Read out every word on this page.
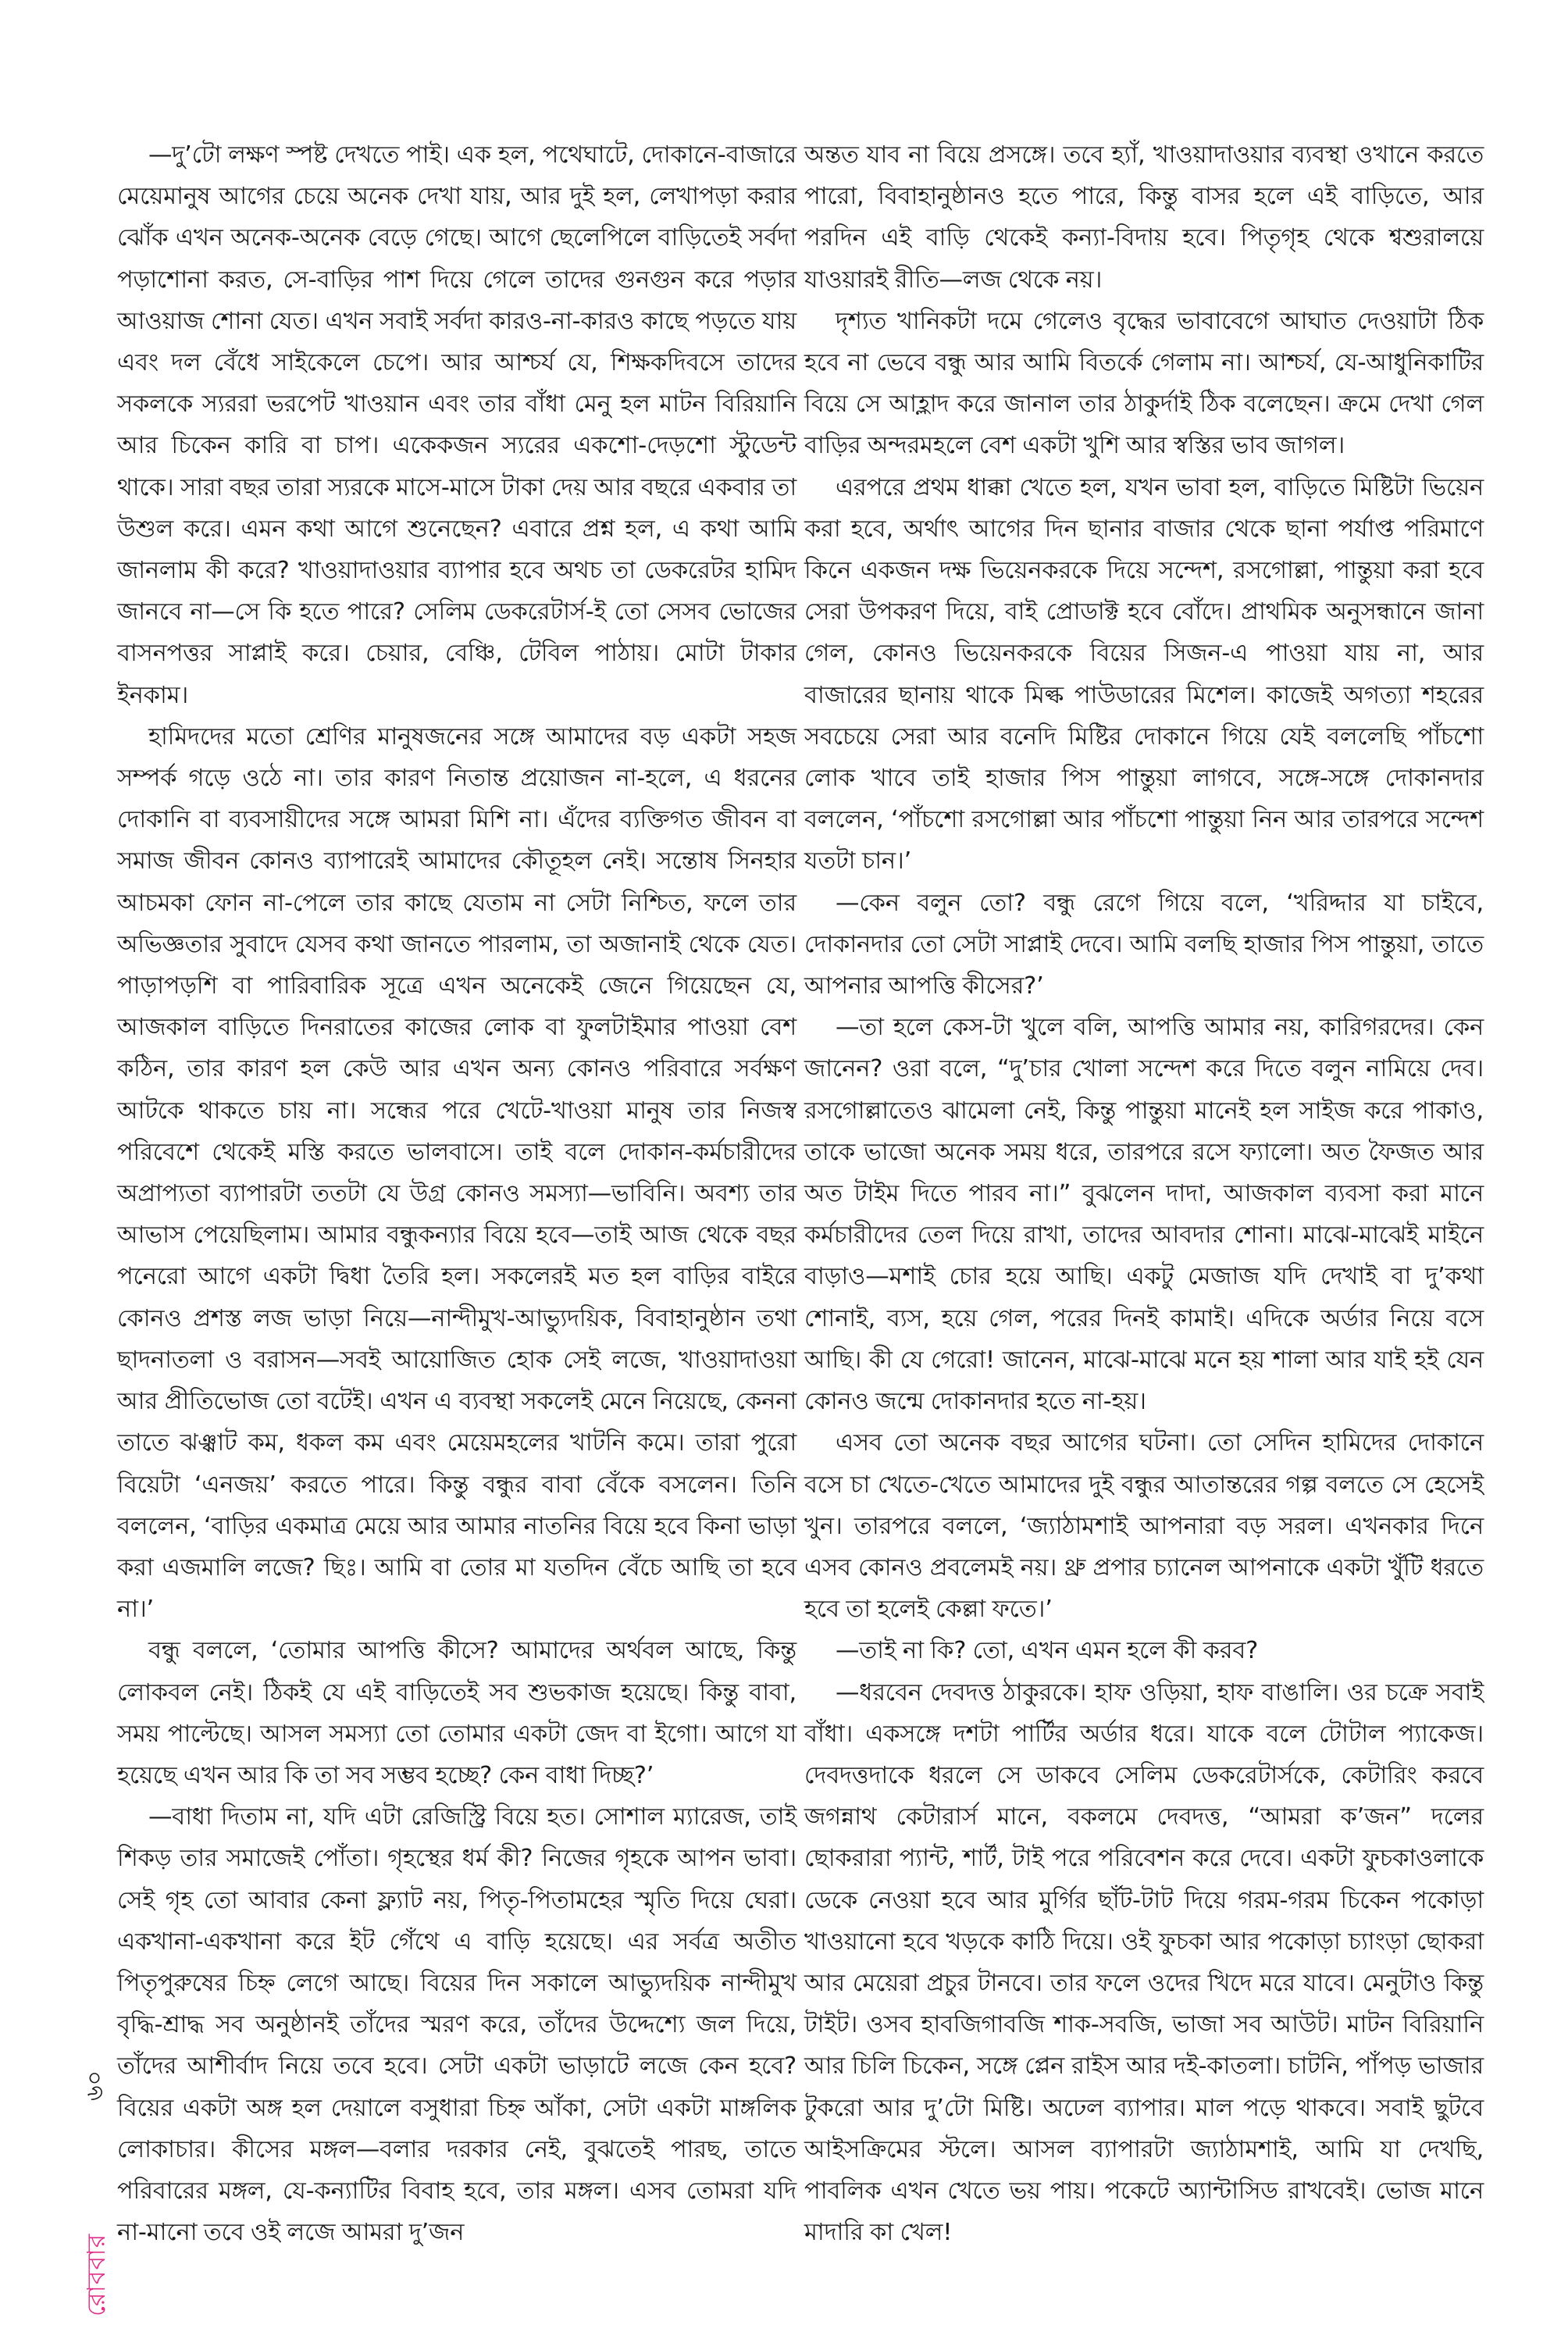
—দু’টো লক্ষণ স্পষ্ট দেখতে পাই। এক হল, পথেঘাটে, দোকানে-বাজারে মেয়েমানুষ আগের চেয়ে অনেক দেখা যায়, আর দুই হল, লেখাপড়া করার ঝোঁক এখন অনেক-অনেক বেড়ে গেছে। আগে ছেলেপিলে বাড়িতেই সর্বদা পড়াশোনা করত, সে-বাড়ির পাশ দিয়ে গেলে তাদের গুনগুন করে পড়ার আওয়াজ শোনা যেত। এখন সবাই সর্বদা কারও-না-কারও কাছে পড়তে যায় এবং দল বেঁধে সাইকেলে চেপে। আর আশ্চর্য যে, শিক্ষকদিবসে তাদের সকলকে স্যররা ভরপেট খাওয়ান এবং তার বাঁধা মেনু হল মাটন বিরিয়ানি আর চিকেন কারি বা চাপ। একেকজন স্যরের একশো-দেড়শো স্টুডেন্ট থাকে। সারা বছর তারা স্যরকে মাসে-মাসে টাকা দেয় আর বছরে একবার তা উশুল করে। এমন কথা আগে শুনেছেন? এবারে প্রশ্ন হল, এ কথা আমি জানলাম কী করে? খাওয়াদাওয়ার ব্যাপার হবে অথচ তা ডেকরেটর হামিদ জানবে না—সে কি হতে পারে? সেলিম ডেকরেটার্স-ই তো সেসব ভোজের বাসনপত্তর সাপ্লাই করে। চেয়ার, বেঞ্চি, টেবিল পাঠায়। মোটা টাকার ইনকাম।

হামিদদের মতো শ্রেণির মানুষজনের সঙ্গে আমাদের বড় একটা সহজ সম্পর্ক গড়ে ওঠে না। তার কারণ নিতান্ত প্রয়োজন না-হলে, এ ধরনের দোকানি বা ব্যবসায়ীদের সঙ্গে আমরা মিশি না। এঁদের ব্যক্তিগত জীবন বা সমাজ জীবন কোনও ব্যাপারেই আমাদের কৌতূহল নেই। সন্তোষ সিনহার আচমকা ফোন না-পেলে তার কাছে যেতাম না সেটা নিশ্চিত, ফলে তার অভিজ্ঞতার সুবাদে যেসব কথা জানতে পারলাম, তা অজানাই থেকে যেত। পাড়াপড়শি বা পারিবারিক সূত্রে এখন অনেকেই জেনে গিয়েছেন যে, আজকাল বাড়িতে দিনরাতের কাজের লোক বা ফুলটাইমার পাওয়া বেশ কঠিন, তার কারণ হল কেউ আর এখন অন্য কোনও পরিবারে সর্বক্ষণ আটকে থাকতে চায় না। সন্ধের পরে খেটে-খাওয়া মানুষ তার নিজস্ব পরিবেশে থেকেই মস্তি করতে ভালবাসে। তাই বলে দোকান-কর্মচারীদের অপ্রাপ্যতা ব্যাপারটা ততটা যে উগ্র কোনও সমস্যা—ভাবিনি। অবশ্য তার আভাস পেয়েছিলাম। আমার বন্ধুকন্যার বিয়ে হবে—তাই আজ থেকে বছর পনেরো আগে একটা দ্বিধা তৈরি হল। সকলেরই মত হল বাড়ির বাইরে কোনও প্রশস্ত লজ ভাড়া নিয়ে—নান্দীমুখ-আভ্যুদয়িক, বিবাহানুষ্ঠান তথা ছাদনাতলা ও বরাসন—সবই আয়োজিত হোক সেই লজে, খাওয়াদাওয়া আর প্রীতিভোজ তো বটেই। এখন এ ব্যবস্থা সকলেই মেনে নিয়েছে, কেননা তাতে ঝঞ্ঝাট কম, ধকল কম এবং মেয়েমহলের খাটনি কমে। তারা পুরো বিয়েটা ‘এনজয়’ করতে পারে। কিন্তু বন্ধুর বাবা বেঁকে বসলেন। তিনি বললেন, ‘বাড়ির একমাত্র মেয়ে আর আমার নাতনির বিয়ে হবে কিনা ভাড়া করা এজমালি লজে? ছিঃ। আমি বা তোর মা যতদিন বেঁচে আছি তা হবে না।’

বন্ধু বললে, ‘তোমার আপত্তি কীসে? আমাদের অর্থবল আছে, কিন্তু লোকবল নেই। ঠিকই যে এই বাড়িতেই সব শুভকাজ হয়েছে। কিন্তু বাবা, সময় পাল্টেছে। আসল সমস্যা তো তোমার একটা জেদ বা ইগো। আগে যা হয়েছে এখন আর কি তা সব সম্ভব হচ্ছে? কেন বাধা দিচ্ছ?’

—বাধা দিতাম না, যদি এটা রেজিস্ট্রি বিয়ে হত। সোশাল ম্যারেজ, তাই শিকড় তার সমাজেই পোঁতা। গৃহস্থের ধর্ম কী? নিজের গৃহকে আপন ভাবা। সেই গৃহ তো আবার কেনা ফ্ল্যাট নয়, পিতৃ-পিতামহের স্মৃতি দিয়ে ঘেরা। একখানা-একখানা করে ইট গেঁথে এ বাড়ি হয়েছে। এর সর্বত্র অতীত পিতৃপুরুষের চিহ্ন লেগে আছে। বিয়ের দিন সকালে আভ্যুদয়িক নান্দীমুখ বৃদ্ধি-শ্রাদ্ধ সব অনুষ্ঠানই তাঁদের স্মরণ করে, তাঁদের উদ্দেশ্যে জল দিয়ে, তাঁদের আশীর্বাদ নিয়ে তবে হবে। সেটা একটা ভাড়াটে লজে কেন হবে? বিয়ের একটা অঙ্গ হল দেয়ালে বসুধারা চিহ্ন আঁকা, সেটা একটা মাঙ্গলিক লোকাচার। কীসের মঙ্গল—বলার দরকার নেই, বুঝতেই পারছ, তাতে পরিবারের মঙ্গল, যে-কন্যাটির বিবাহ হবে, তার মঙ্গল। এসব তোমরা যদি না-মানো তবে ওই লজে আমরা দু’জন

অন্তত যাব না বিয়ে প্রসঙ্গে। তবে হ্যাঁ, খাওয়াদাওয়ার ব্যবস্থা ওখানে করতে পারো, বিবাহানুষ্ঠানও হতে পারে, কিন্তু বাসর হলে এই বাড়িতে, আর পরদিন এই বাড়ি থেকেই কন্যা-বিদায় হবে। পিতৃগৃহ থেকে শ্বশুরালয়ে যাওয়ারই রীতি—লজ থেকে নয়।

দৃশ্যত খানিকটা দমে গেলেও বৃদ্ধের ভাবাবেগে আঘাত দেওয়াটা ঠিক হবে না ভেবে বন্ধু আর আমি বিতর্কে গেলাম না। আশ্চর্য, যে-আধুনিকাটির বিয়ে সে আহ্লাদ করে জানাল তার ঠাকুর্দাই ঠিক বলেছেন। ক্রমে দেখা গেল বাড়ির অন্দরমহলে বেশ একটা খুশি আর স্বস্তির ভাব জাগল।

এরপরে প্রথম ধাক্কা খেতে হল, যখন ভাবা হল, বাড়িতে মিষ্টিটা ভিয়েন করা হবে, অর্থাৎ আগের দিন ছানার বাজার থেকে ছানা পর্যাপ্ত পরিমাণে কিনে একজন দক্ষ ভিয়েনকরকে দিয়ে সন্দেশ, রসগোল্লা, পান্তুয়া করা হবে সেরা উপকরণ দিয়ে, বাই প্রোডাক্ট হবে বোঁদে। প্রাথমিক অনুসন্ধানে জানা গেল, কোনও ভিয়েনকরকে বিয়ের সিজন-এ পাওয়া যায় না, আর বাজারের ছানায় থাকে মিল্ক পাউডারের মিশেল। কাজেই অগত্যা শহরের সবচেয়ে সেরা আর বনেদি মিষ্টির দোকানে গিয়ে যেই বললেছি পাঁচশো লোক খাবে তাই হাজার পিস পান্তুয়া লাগবে, সঙ্গে-সঙ্গে দোকানদার বললেন, ‘পাঁচশো রসগোল্লা আর পাঁচশো পান্তুয়া নিন আর তারপরে সন্দেশ যতটা চান।’

—কেন বলুন তো? বন্ধু রেগে গিয়ে বলে, ‘খরিদ্দার যা চাইবে, দোকানদার তো সেটা সাপ্লাই দেবে। আমি বলছি হাজার পিস পান্তুয়া, তাতে আপনার আপত্তি কীসের?’

—তা হলে কেস-টা খুলে বলি, আপত্তি আমার নয়, কারিগরদের। কেন জানেন? ওরা বলে, “দু’চার খোলা সন্দেশ করে দিতে বলুন নামিয়ে দেব। রসগোল্লাতেও ঝামেলা নেই, কিন্তু পান্তুয়া মানেই হল সাইজ করে পাকাও, তাকে ভাজো অনেক সময় ধরে, তারপরে রসে ফ্যালো। অত ফৈজত আর অত টাইম দিতে পারব না।” বুঝলেন দাদা, আজকাল ব্যবসা করা মানে কর্মচারীদের তেল দিয়ে রাখা, তাদের আবদার শোনা। মাঝে-মাঝেই মাইনে বাড়াও—মশাই চোর হয়ে আছি। একটু মেজাজ যদি দেখাই বা দু’কথা শোনাই, ব্যস, হয়ে গেল, পরের দিনই কামাই। এদিকে অর্ডার নিয়ে বসে আছি। কী যে গেরো! জানেন, মাঝে-মাঝে মনে হয় শালা আর যাই হই যেন কোনও জন্মে দোকানদার হতে না-হয়।

এসব তো অনেক বছর আগের ঘটনা। তো সেদিন হামিদের দোকানে বসে চা খেতে-খেতে আমাদের দুই বন্ধুর আতান্তরের গল্প বলতে সে হেসেই খুন। তারপরে বললে, ‘জ্যাঠামশাই আপনারা বড় সরল। এখনকার দিনে এসব কোনও প্রবলেমই নয়। থ্রু প্রপার চ্যানেল আপনাকে একটা খুঁটি ধরতে হবে তা হলেই কেল্লা ফতে।’

—তাই না কি? তো, এখন এমন হলে কী করব?

—ধরবেন দেবদত্ত ঠাকুরকে। হাফ ওড়িয়া, হাফ বাঙালি। ওর চক্রে সবাই বাঁধা। একসঙ্গে দশটা পার্টির অর্ডার ধরে। যাকে বলে টোটাল প্যাকেজ। দেবদত্তদাকে ধরলে সে ডাকবে সেলিম ডেকরেটার্সকে, কেটারিং করবে জগন্নাথ কেটারার্স মানে, বকলমে দেবদত্ত, “আমরা ক’জন” দলের ছোকরারা প্যান্ট, শার্ট, টাই পরে পরিবেশন করে দেবে। একটা ফুচকাওলাকে ডেকে নেওয়া হবে আর মুর্গির ছাঁট-টাট দিয়ে গরম-গরম চিকেন পকোড়া খাওয়ানো হবে খড়কে কাঠি দিয়ে। ওই ফুচকা আর পকোড়া চ্যাংড়া ছোকরা আর মেয়েরা প্রচুর টানবে। তার ফলে ওদের খিদে মরে যাবে। মেনুটাও কিন্তু টাইট। ওসব হাবজিগাবজি শাক-সবজি, ভাজা সব আউট। মাটন বিরিয়ানি আর চিলি চিকেন, সঙ্গে প্লেন রাইস আর দই-কাতলা। চাটনি, পাঁপড় ভাজার টুকরো আর দু’টো মিষ্টি। অঢেল ব্যাপার। মাল পড়ে থাকবে। সবাই ছুটবে আইসক্রিমের স্টলে। আসল ব্যাপারটা জ্যাঠামশাই, আমি যা দেখছি, পাবলিক এখন খেতে ভয় পায়। পকেটে অ্যান্টাসিড রাখবেই। ভোজ মানে মাদারি কা খেল!

৬০
রোববার
